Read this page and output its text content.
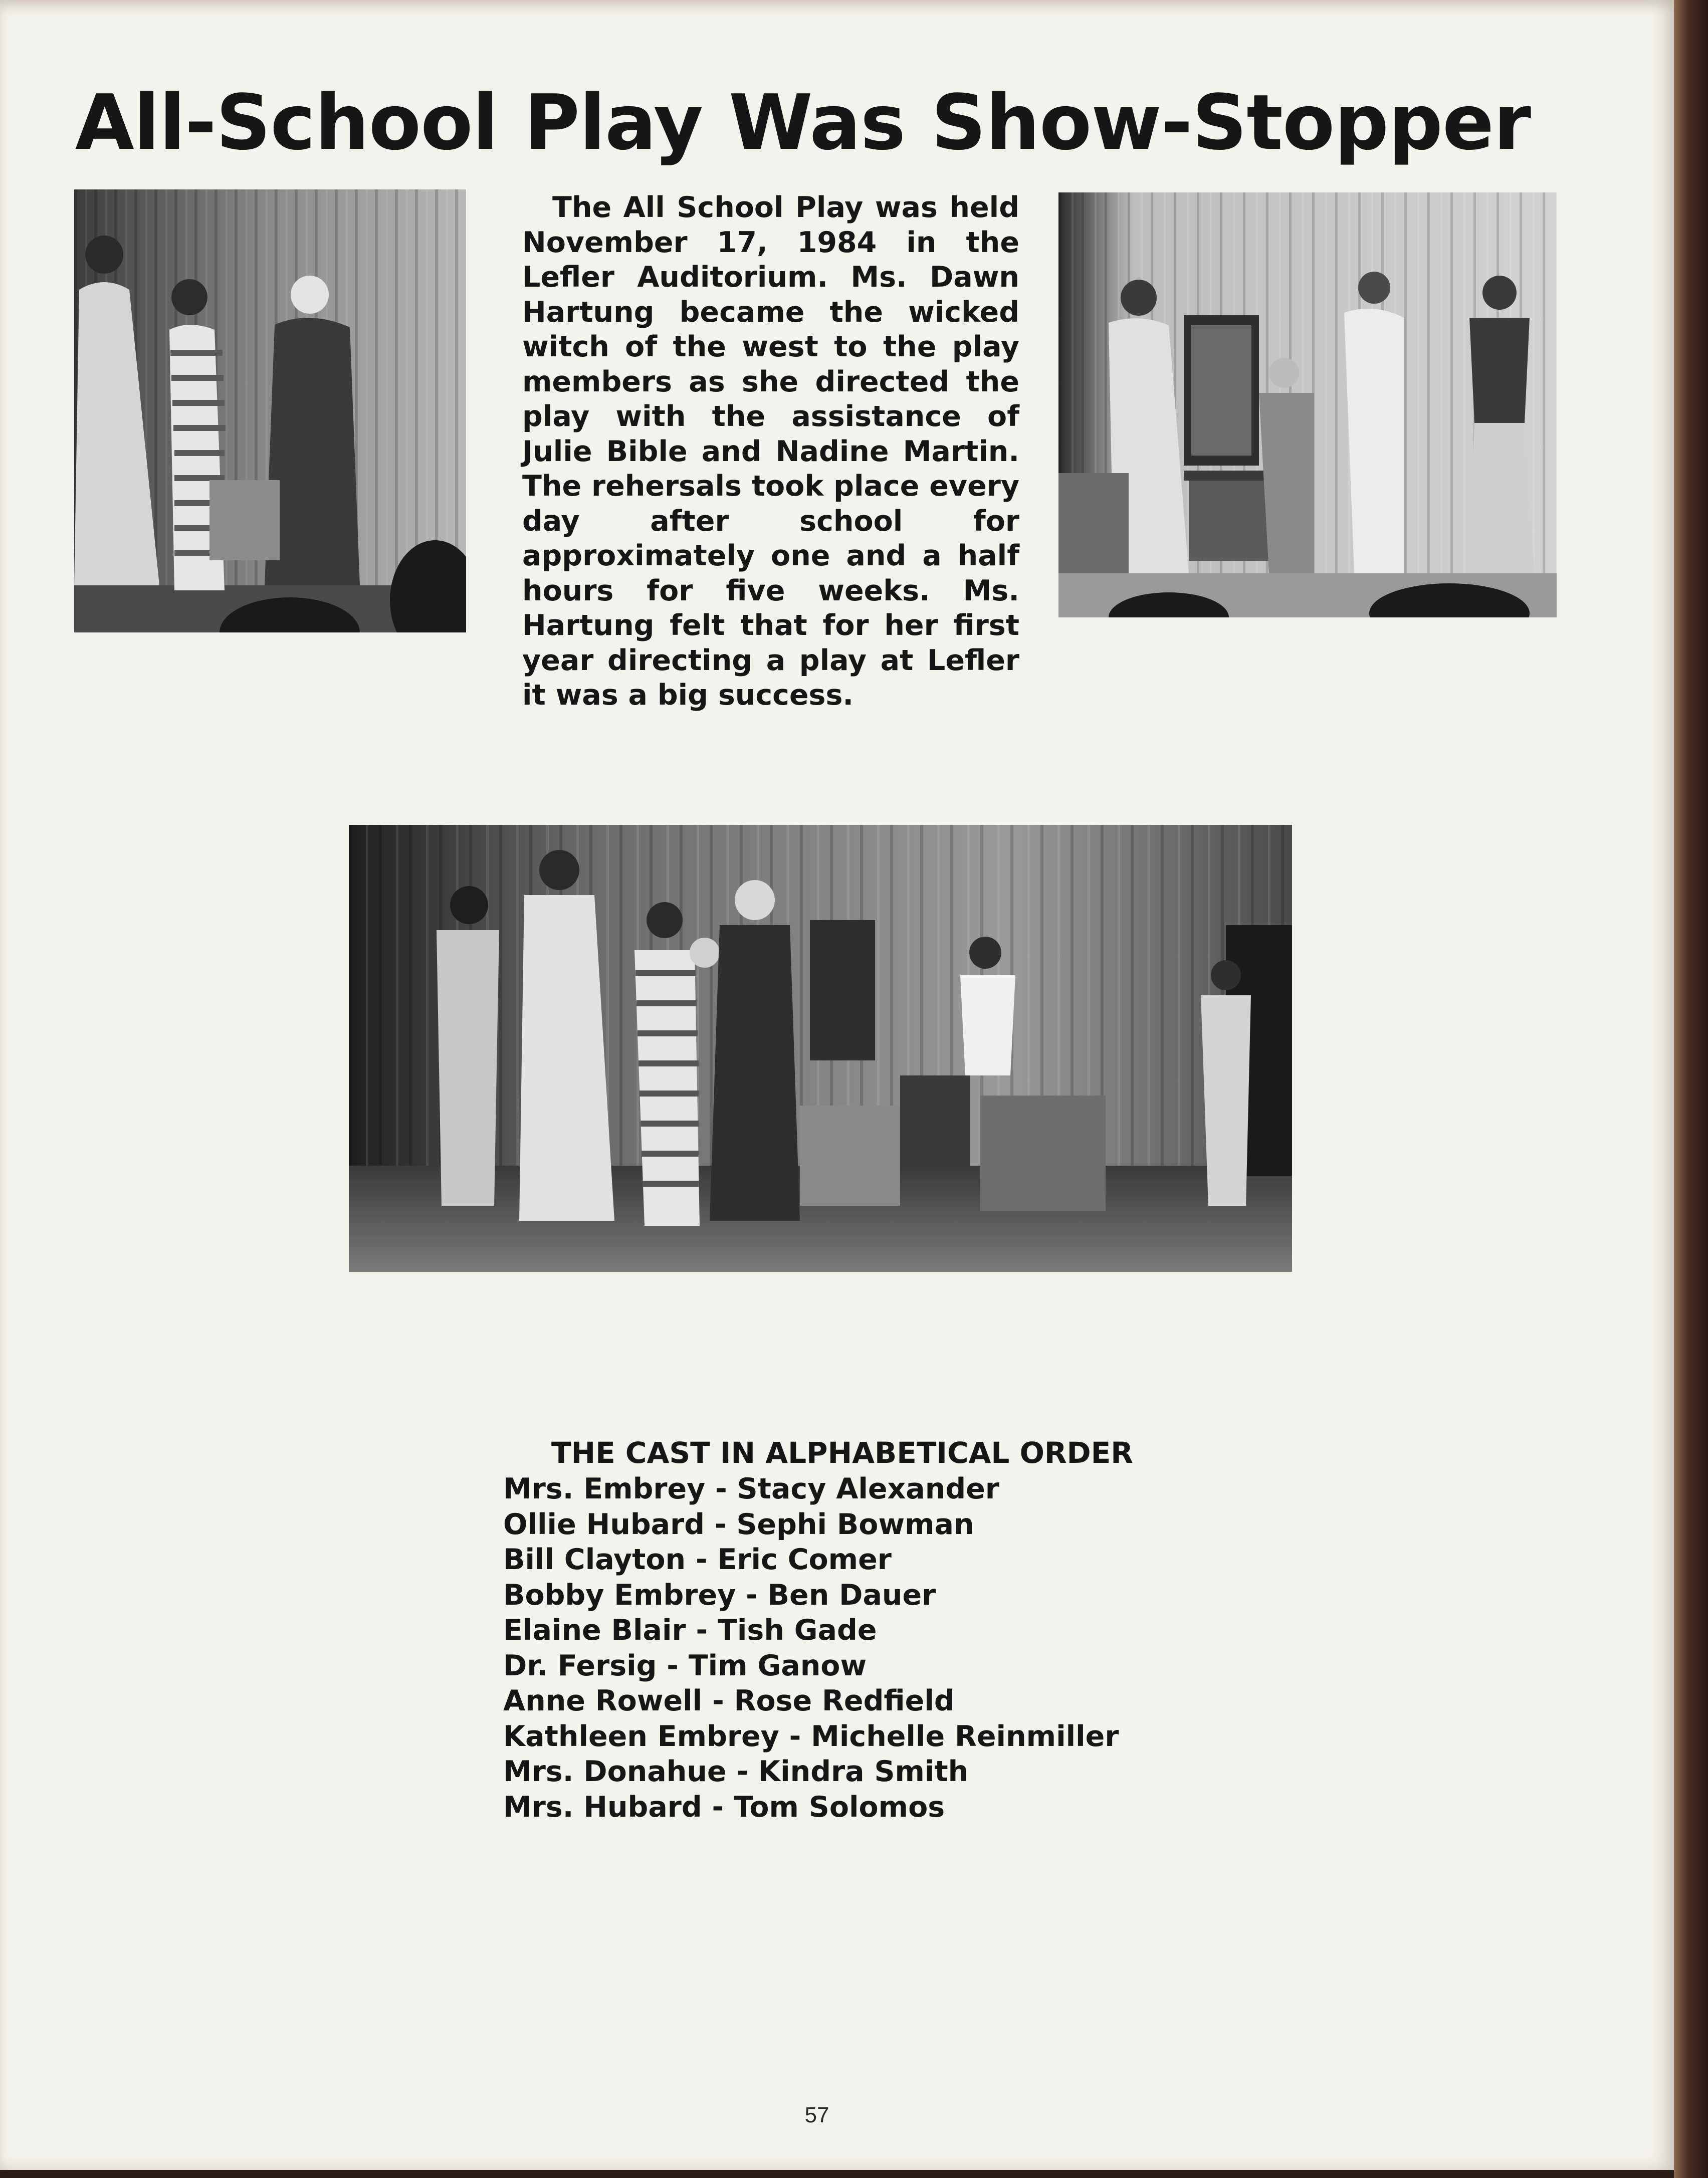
All-School Play Was Show-Stopper
The All School Play was held November 17, 1984 in the Lefler Auditorium. Ms. Dawn Hartung became the wicked witch of the west to the play members as she directed the play with the assistance of Julie Bible and Nadine Martin. The rehersals took place every day after school for approximately one and a half hours for five weeks. Ms. Hartung felt that for her first year directing a play at Lefler it was a big success.
THE CAST IN ALPHABETICAL ORDER
Mrs. Embrey - Stacy Alexander
Ollie Hubard - Sephi Bowman
Bill Clayton - Eric Comer
Bobby Embrey - Ben Dauer
Elaine Blair - Tish Gade
Dr. Fersig - Tim Ganow
Anne Rowell - Rose Redfield
Kathleen Embrey - Michelle Reinmiller
Mrs. Donahue - Kindra Smith
Mrs. Hubard - Tom Solomos
57
